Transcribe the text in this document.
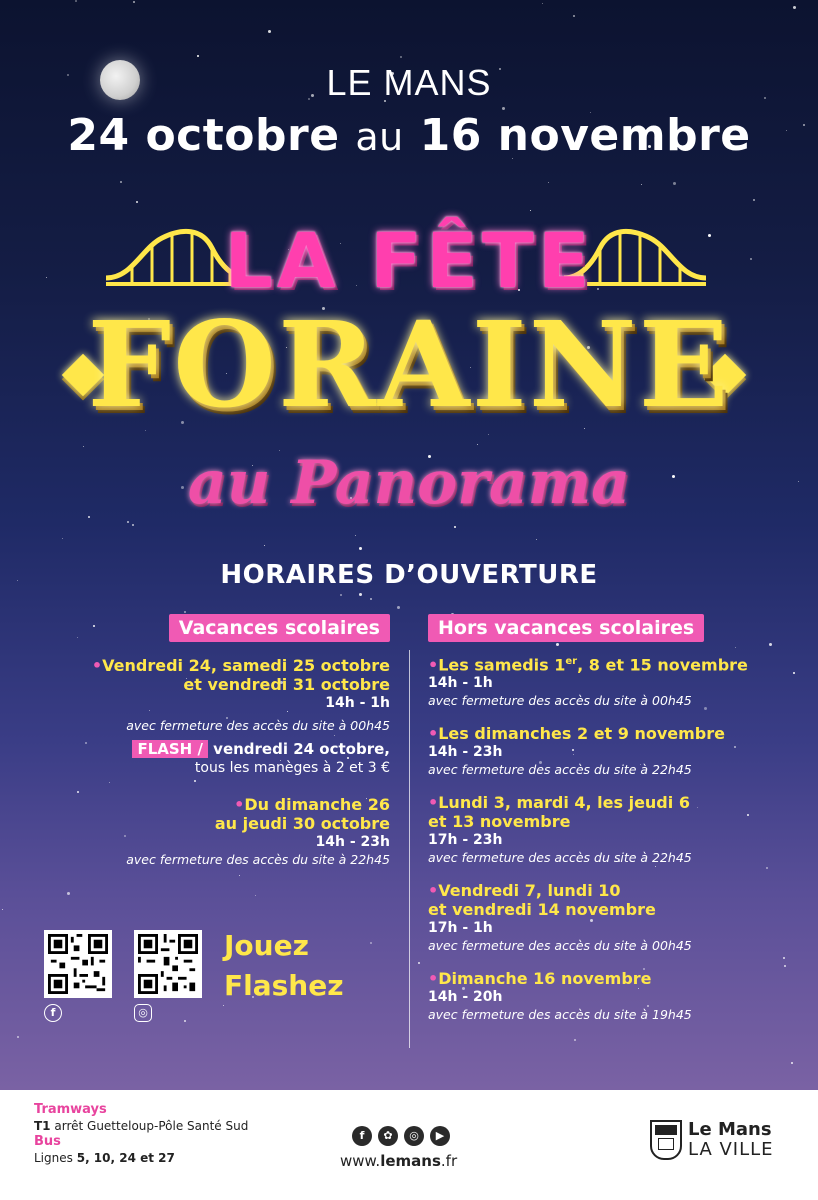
LE MANS
24 octobre au 16 novembre
LA FÊTE
FORAINE
au Panorama
HORAIRES D’OUVERTURE
Vacances scolaires
•Vendredi 24, samedi 25 octobre
et vendredi 31 octobre
14h - 1h
avec fermeture des accès du site à 00h45
FLASH / vendredi 24 octobre,
tous les manèges à 2 et 3 €
•Du dimanche 26
au jeudi 30 octobre
14h - 23h
avec fermeture des accès du site à 22h45
Hors vacances scolaires
•Les samedis 1er, 8 et 15 novembre
14h - 1h
avec fermeture des accès du site à 00h45
•Les dimanches 2 et 9 novembre
14h - 23h
avec fermeture des accès du site à 22h45
•Lundi 3, mardi 4, les jeudi 6
et 13 novembre
17h - 23h
avec fermeture des accès du site à 22h45
•Vendredi 7, lundi 10
et vendredi 14 novembre
17h - 1h
avec fermeture des accès du site à 00h45
•Dimanche 16 novembre
14h - 20h
avec fermeture des accès du site à 19h45
f	◎
Jouez
Flashez
Tramways
T1 arrêt Guetteloup-Pôle Santé Sud
Bus
Lignes 5, 10, 24 et 27
f	✿	◎	▶
www.lemans.fr
Le Mans
LA VILLE
